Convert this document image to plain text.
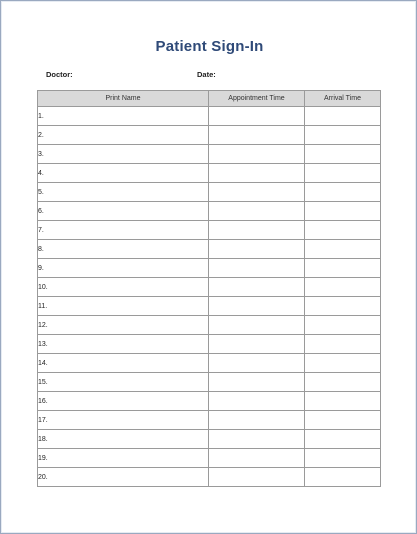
Patient Sign-In
Doctor:	Date:
Print Name	Appointment Time	Arrival Time
1.		
2.		
3.		
4.		
5.		
6.		
7.		
8.		
9.		
10.		
11.		
12.		
13.		
14.		
15.		
16.		
17.		
18.		
19.		
20.		
